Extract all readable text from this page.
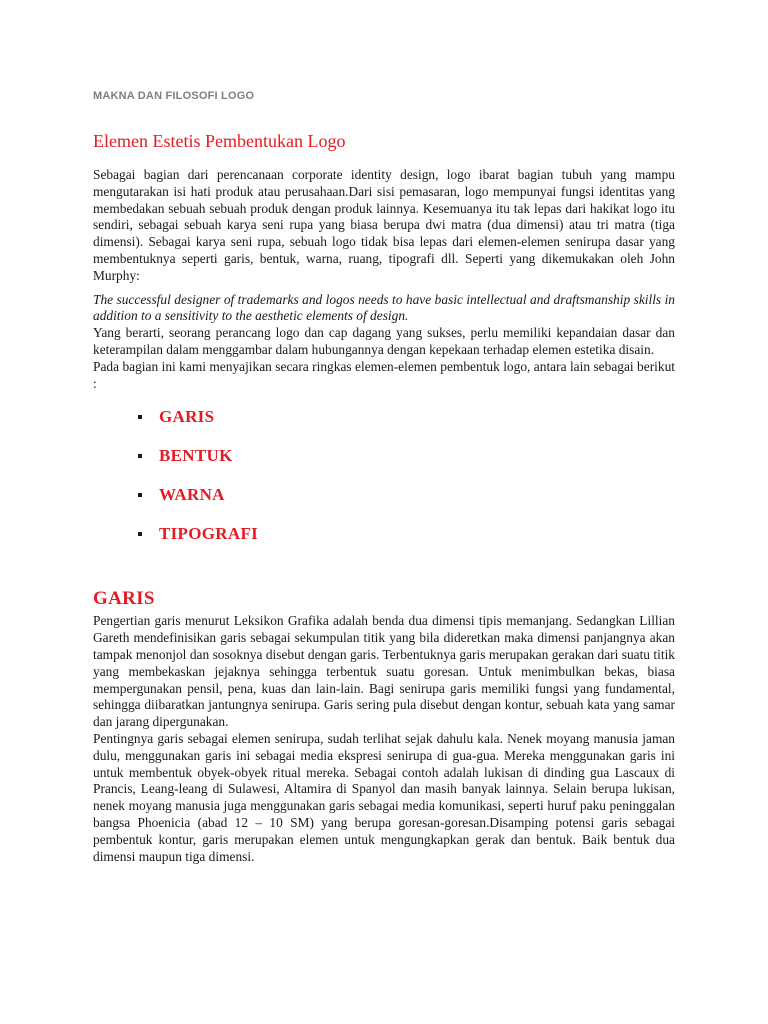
MAKNA DAN FILOSOFI LOGO
Elemen Estetis Pembentukan Logo

Sebagai bagian dari perencanaan corporate identity design, logo ibarat bagian tubuh yang mampu mengutarakan isi hati produk atau perusahaan.Dari sisi pemasaran, logo mempunyai fungsi identitas yang membedakan sebuah sebuah produk dengan produk lainnya. Kesemuanya itu tak lepas dari hakikat logo itu sendiri, sebagai sebuah karya seni rupa yang biasa berupa dwi matra (dua dimensi) atau tri matra (tiga dimensi). Sebagai karya seni rupa, sebuah logo tidak bisa lepas dari elemen-elemen senirupa dasar yang membentuknya seperti garis, bentuk, warna, ruang, tipografi dll. Seperti yang dikemukakan oleh John Murphy:

The successful designer of trademarks and logos needs to have basic intellectual and draftsmanship skills in addition to a sensitivity to the aesthetic elements of design.

Yang berarti, seorang perancang logo dan cap dagang yang sukses, perlu memiliki kepandaian dasar dan keterampilan dalam menggambar dalam hubungannya dengan kepekaan terhadap elemen estetika disain.

Pada bagian ini kami menyajikan secara ringkas elemen-elemen pembentuk logo, antara lain sebagai berikut :

GARIS
BENTUK
WARNA
TIPOGRAFI
GARIS

Pengertian garis menurut Leksikon Grafika adalah benda dua dimensi tipis memanjang. Sedangkan Lillian Gareth mendefinisikan garis sebagai sekumpulan titik yang bila dideretkan maka dimensi panjangnya akan tampak menonjol dan sosoknya disebut dengan garis. Terbentuknya garis merupakan gerakan dari suatu titik yang membekaskan jejaknya sehingga terbentuk suatu goresan. Untuk menimbulkan bekas, biasa mempergunakan pensil, pena, kuas dan lain-lain. Bagi senirupa garis memiliki fungsi yang fundamental, sehingga diibaratkan jantungnya senirupa. Garis sering pula disebut dengan kontur, sebuah kata yang samar dan jarang dipergunakan.

Pentingnya garis sebagai elemen senirupa, sudah terlihat sejak dahulu kala. Nenek moyang manusia jaman dulu, menggunakan garis ini sebagai media ekspresi senirupa di gua-gua. Mereka menggunakan garis ini untuk membentuk obyek-obyek ritual mereka. Sebagai contoh adalah lukisan di dinding gua Lascaux di Prancis, Leang-leang di Sulawesi, Altamira di Spanyol dan masih banyak lainnya. Selain berupa lukisan, nenek moyang manusia juga menggunakan garis sebagai media komunikasi, seperti huruf paku peninggalan bangsa Phoenicia (abad 12 – 10 SM) yang berupa goresan-goresan.Disamping potensi garis sebagai pembentuk kontur, garis merupakan elemen untuk mengungkapkan gerak dan bentuk. Baik bentuk dua dimensi maupun tiga dimensi.
